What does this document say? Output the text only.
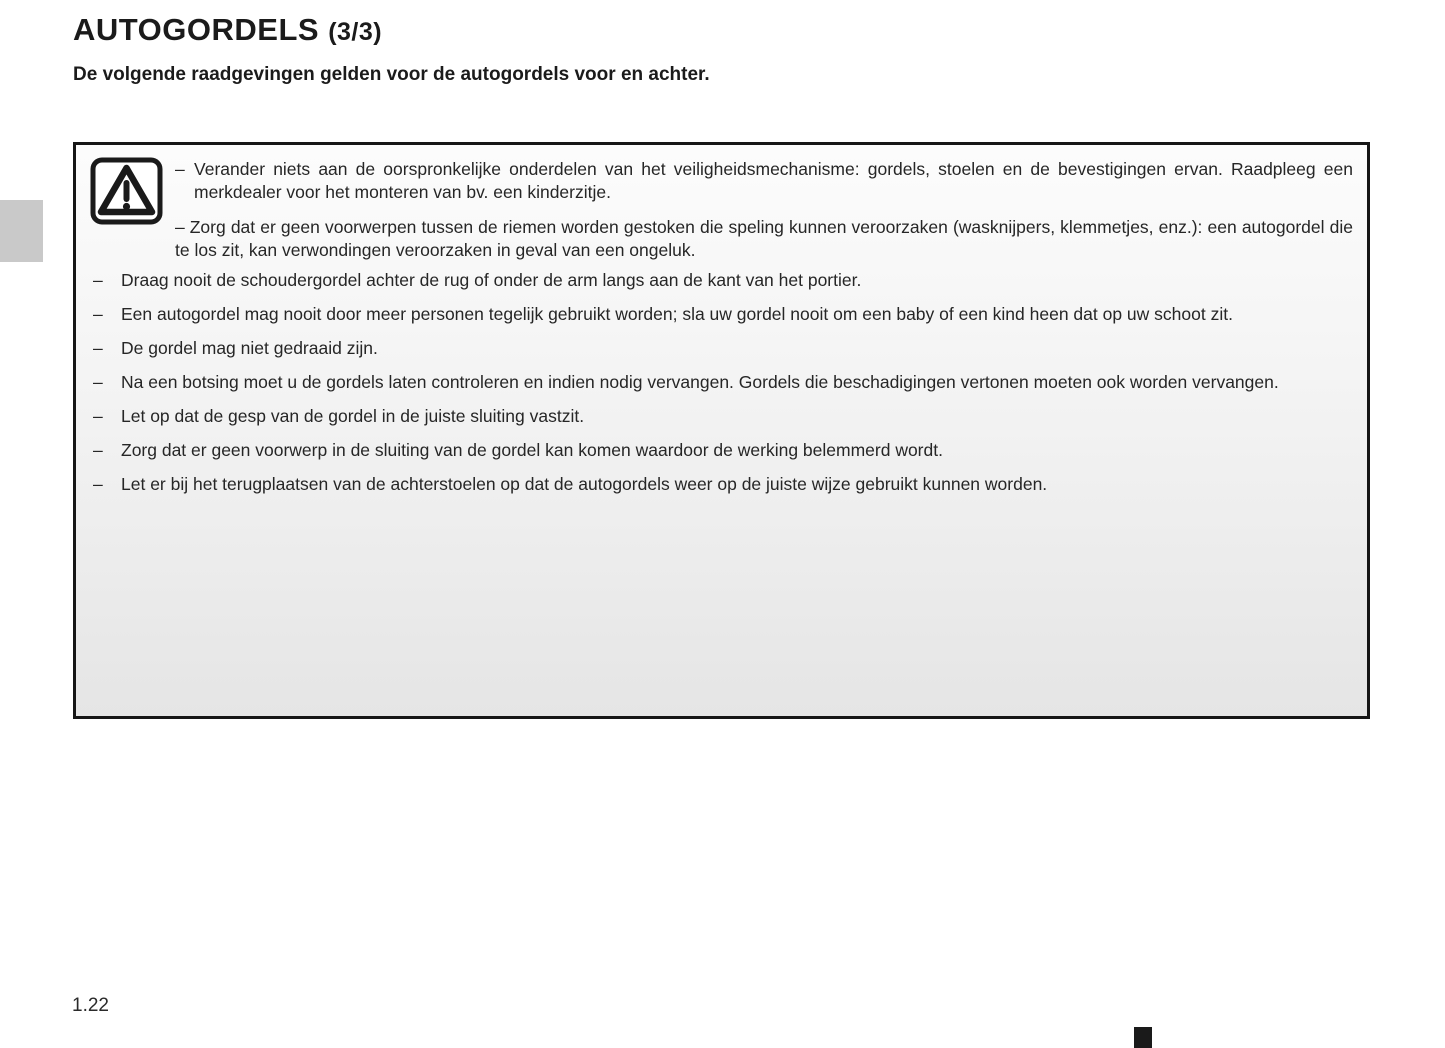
AUTOGORDELS (3/3)

De volgende raadgevingen gelden voor de autogordels voor en achter.

– Verander niets aan de oorspronkelijke onderdelen van het veiligheidsmechanisme: gordels, stoelen en de bevestigingen ervan. Raadpleeg een merkdealer voor het monteren van bv. een kinderzitje.

– Zorg dat er geen voorwerpen tussen de riemen worden gestoken die speling kunnen veroorzaken (wasknijpers, klemmetjes, enz.): een autogordel die te los zit, kan verwondingen veroorzaken in geval van een ongeluk.

– Draag nooit de schoudergordel achter de rug of onder de arm langs aan de kant van het portier.
– Een autogordel mag nooit door meer personen tegelijk gebruikt worden; sla uw gordel nooit om een baby of een kind heen dat op uw schoot zit.
– De gordel mag niet gedraaid zijn.
– Na een botsing moet u de gordels laten controleren en indien nodig vervangen. Gordels die beschadigingen vertonen moeten ook worden vervangen.
– Let op dat de gesp van de gordel in de juiste sluiting vastzit.
– Zorg dat er geen voorwerp in de sluiting van de gordel kan komen waardoor de werking belemmerd wordt.
– Let er bij het terugplaatsen van de achterstoelen op dat de autogordels weer op de juiste wijze gebruikt kunnen worden.
1.22
